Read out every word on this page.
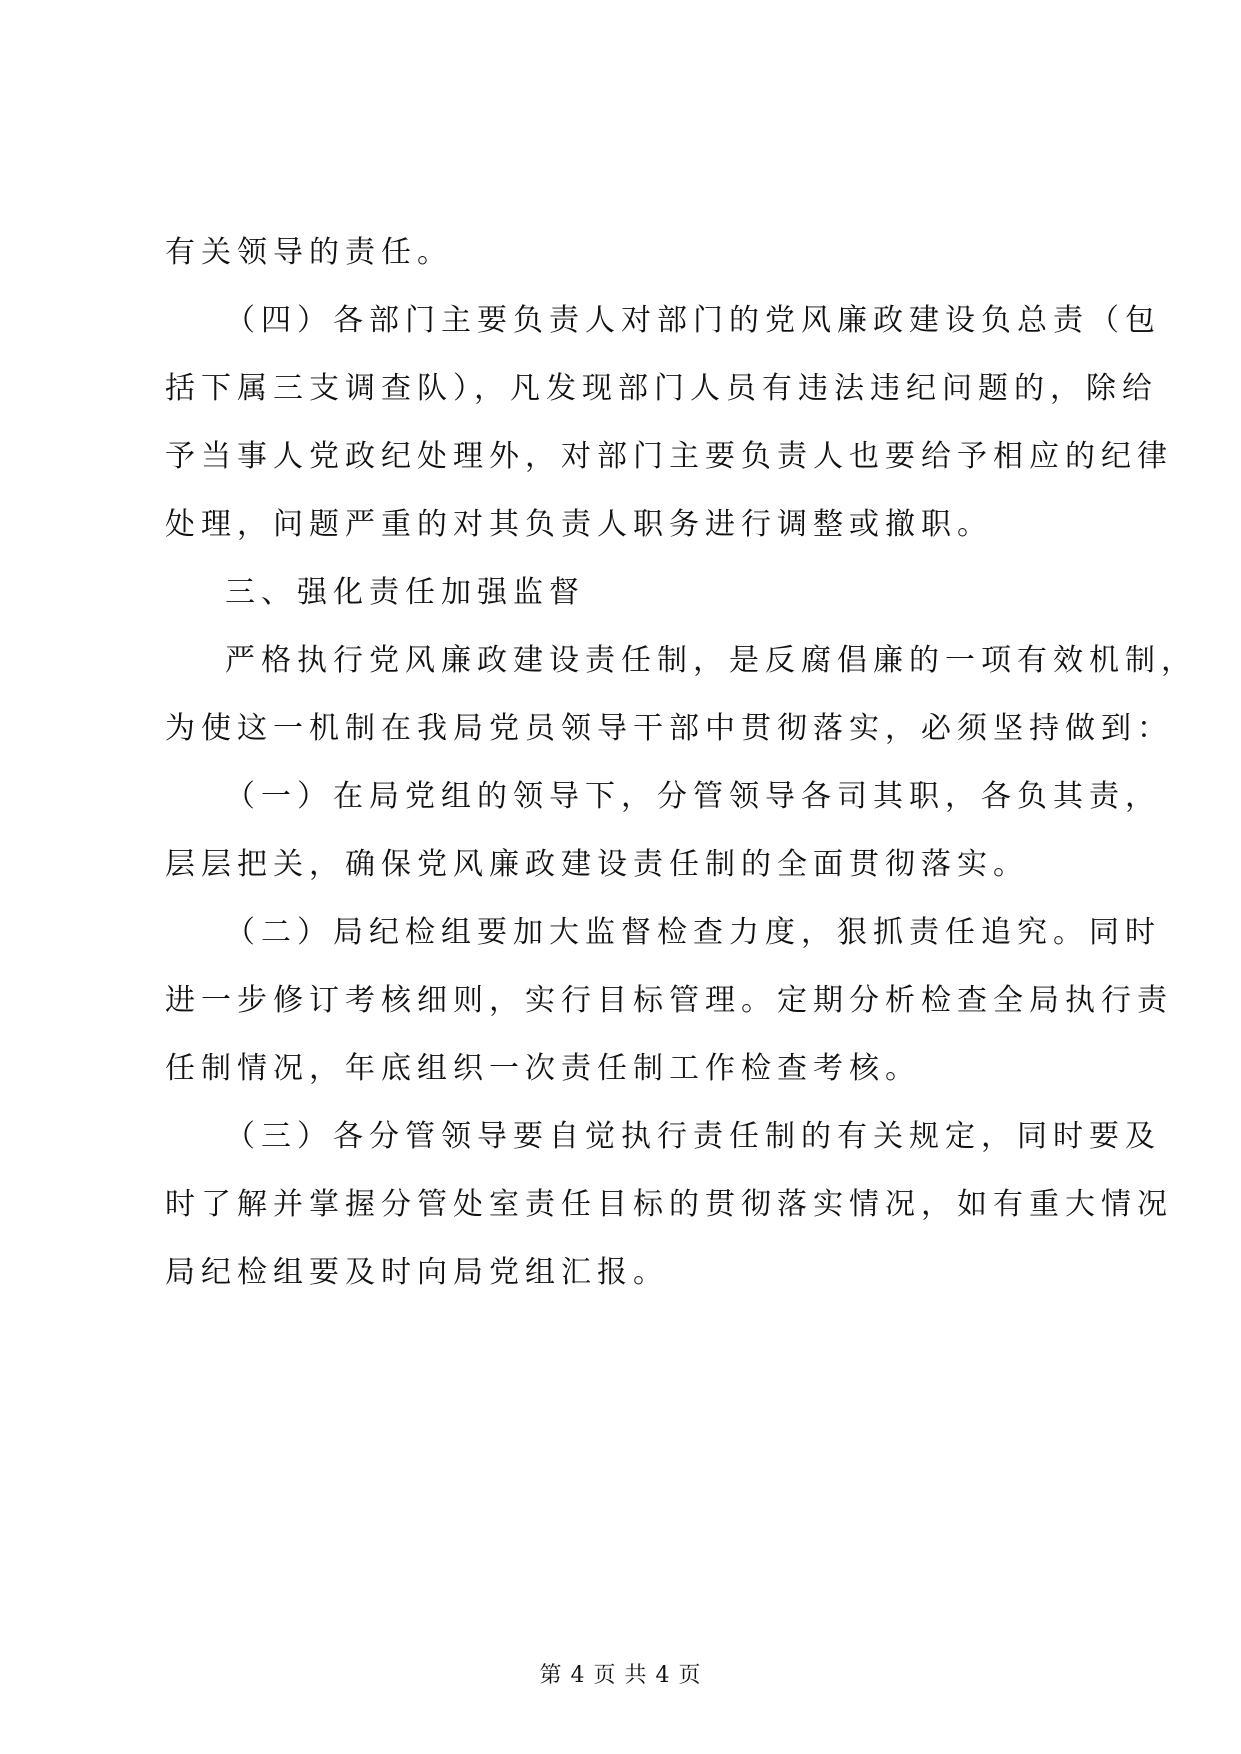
有关领导的责任。
（四）各部门主要负责人对部门的党风廉政建设负总责（包
括下属三支调查队），凡发现部门人员有违法违纪问题的，除给
予当事人党政纪处理外，对部门主要负责人也要给予相应的纪律
处理，问题严重的对其负责人职务进行调整或撤职。
三、强化责任加强监督
严格执行党风廉政建设责任制，是反腐倡廉的一项有效机制，
为使这一机制在我局党员领导干部中贯彻落实，必须坚持做到：
（一）在局党组的领导下，分管领导各司其职，各负其责，
层层把关，确保党风廉政建设责任制的全面贯彻落实。
（二）局纪检组要加大监督检查力度，狠抓责任追究。同时
进一步修订考核细则，实行目标管理。定期分析检查全局执行责
任制情况，年底组织一次责任制工作检查考核。
（三）各分管领导要自觉执行责任制的有关规定，同时要及
时了解并掌握分管处室责任目标的贯彻落实情况，如有重大情况
局纪检组要及时向局党组汇报。
第 4 页 共 4 页
